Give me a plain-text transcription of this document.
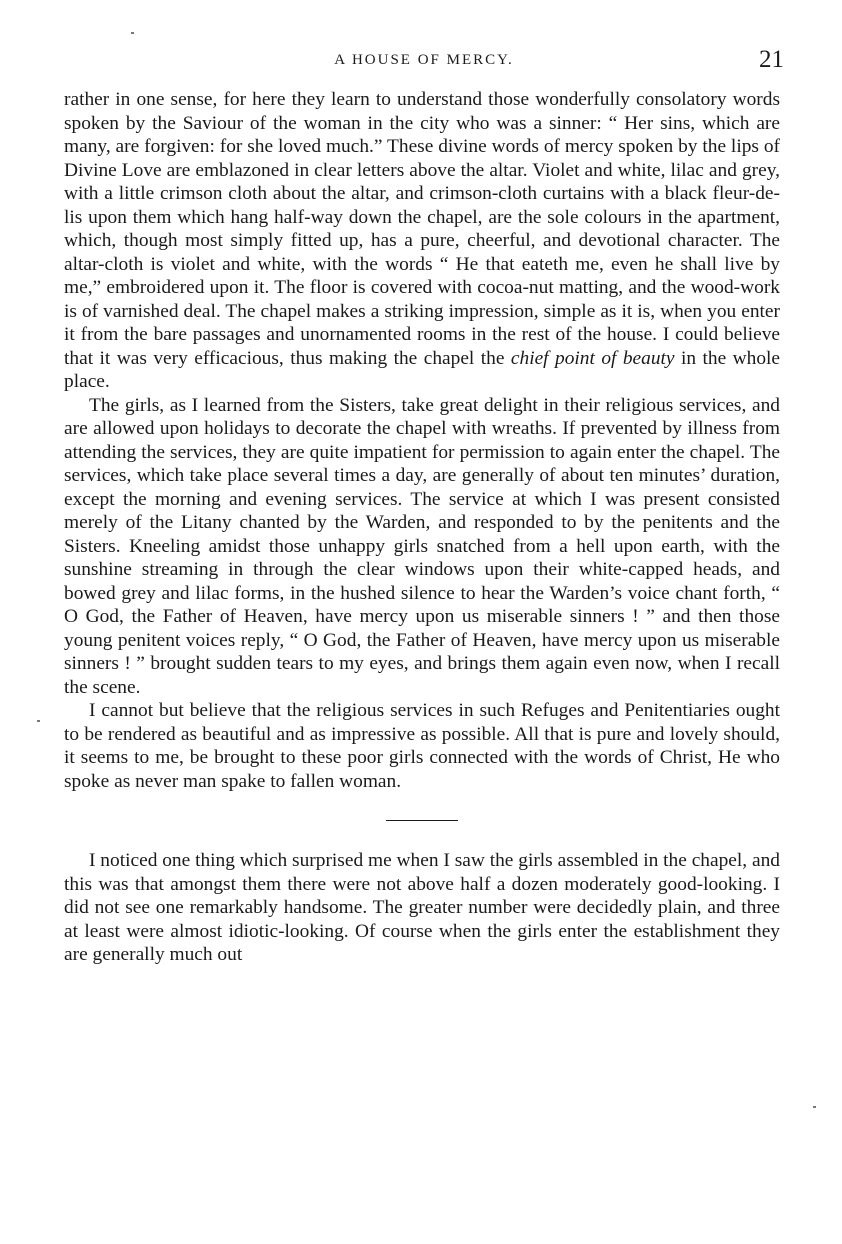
A HOUSE OF MERCY.	21

rather in one sense, for here they learn to understand those wonderfully consolatory words spoken by the Saviour of the woman in the city who was a sinner: “ Her sins, which are many, are forgiven: for she loved much.” These divine words of mercy spoken by the lips of Divine Love are emblazoned in clear letters above the altar. Violet and white, lilac and grey, with a little crimson cloth about the altar, and crimson-cloth curtains with a black fleur-de-lis upon them which hang half-way down the chapel, are the sole colours in the apartment, which, though most simply fitted up, has a pure, cheerful, and devotional character. The altar-cloth is violet and white, with the words “ He that eateth me, even he shall live by me,” embroidered upon it. The floor is covered with cocoa-nut matting, and the wood-work is of varnished deal. The chapel makes a striking impression, simple as it is, when you enter it from the bare passages and unornamented rooms in the rest of the house. I could believe that it was very efficacious, thus making the chapel the chief point of beauty in the whole place.

The girls, as I learned from the Sisters, take great delight in their religious services, and are allowed upon holidays to decorate the chapel with wreaths. If prevented by illness from attending the services, they are quite impatient for permission to again enter the chapel. The services, which take place several times a day, are generally of about ten minutes’ duration, except the morning and evening services. The service at which I was present consisted merely of the Litany chanted by the Warden, and responded to by the penitents and the Sisters. Kneeling amidst those unhappy girls snatched from a hell upon earth, with the sunshine streaming in through the clear windows upon their white-capped heads, and bowed grey and lilac forms, in the hushed silence to hear the Warden’s voice chant forth, “ O God, the Father of Heaven, have mercy upon us miserable sinners ! ” and then those young penitent voices reply, “ O God, the Father of Heaven, have mercy upon us miserable sinners ! ” brought sudden tears to my eyes, and brings them again even now, when I recall the scene.

I cannot but believe that the religious services in such Refuges and Penitentiaries ought to be rendered as beautiful and as impressive as possible. All that is pure and lovely should, it seems to me, be brought to these poor girls connected with the words of Christ, He who spoke as never man spake to fallen woman.

I noticed one thing which surprised me when I saw the girls assembled in the chapel, and this was that amongst them there were not above half a dozen moderately good-looking. I did not see one remarkably handsome. The greater number were decidedly plain, and three at least were almost idiotic-looking. Of course when the girls enter the establishment they are generally much out
